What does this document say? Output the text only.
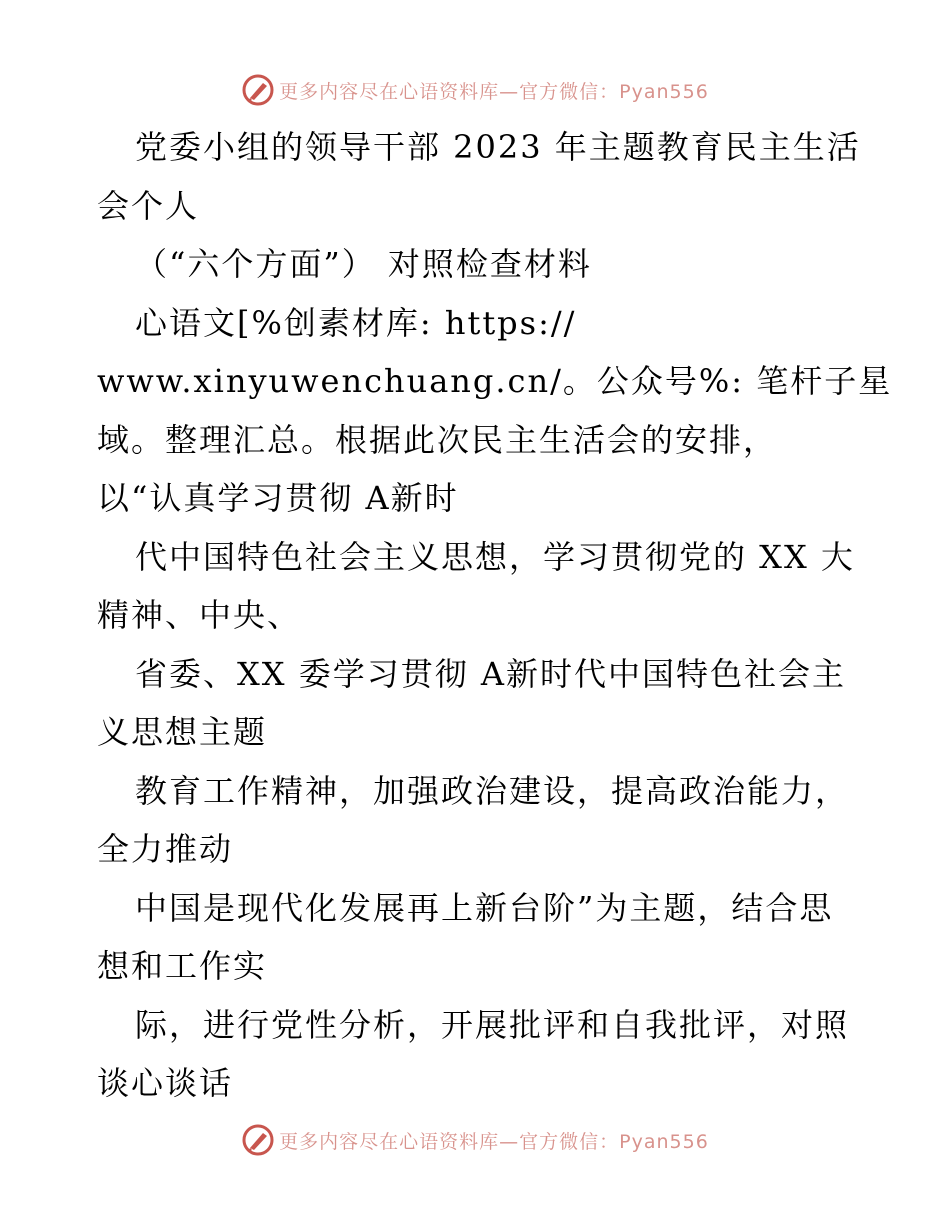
更多内容尽在心语资料库—官方微信：Pyan556
党委小组的领导干部 2023 年主题教育民主生活
会个人
（“六个方面”） 对照检查材料
心语文[%创素材库: https://
www.xinyuwenchuang.cn/。公众号%: 笔杆子星
域。整理汇总。根据此次民主生活会的安排，
以“认真学习贯彻 A新时
代中国特色社会主义思想，学习贯彻党的 XX 大
精神、中央、
省委、XX 委学习贯彻 A新时代中国特色社会主
义思想主题
教育工作精神，加强政治建设，提高政治能力，
全力推动
中国是现代化发展再上新台阶”为主题，结合思
想和工作实
际，进行党性分析，开展批评和自我批评，对照
谈心谈话
更多内容尽在心语资料库—官方微信：Pyan556
